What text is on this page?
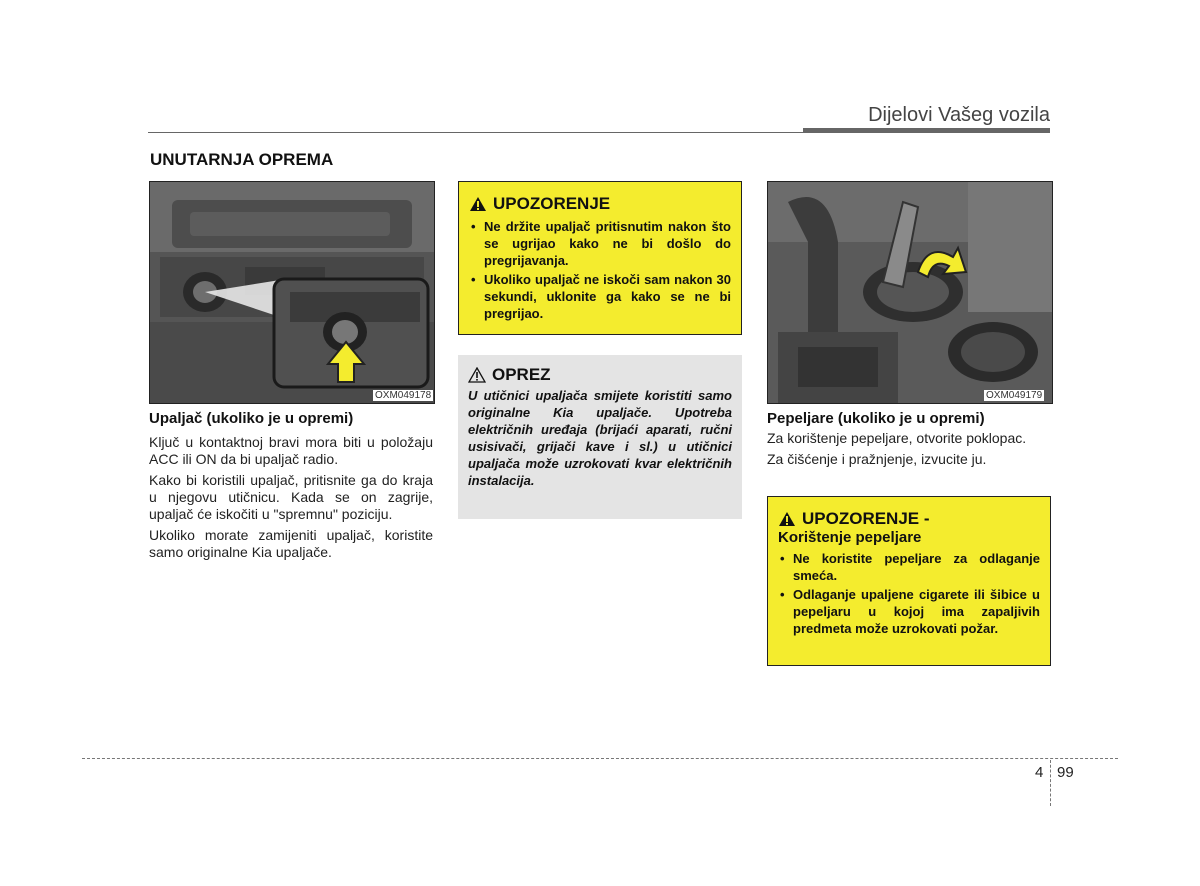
Dijelovi Vašeg vozila
UNUTARNJA OPREMA
OXM049178
Upaljač (ukoliko je u opremi)

Ključ u kontaktnoj bravi mora biti u položaju ACC ili ON da bi upaljač radio.

Kako bi koristili upaljač, pritisnite ga do kraja u njegovu utičnicu. Kada se on zagrije, upaljač će iskočiti u "spremnu" poziciju.

Ukoliko morate zamijeniti upaljač, koristite samo originalne Kia upaljače.

UPOZORENJE
• Ne držite upaljač pritisnutim nakon što se ugrijao kako ne bi došlo do pregrijavanja.
• Ukoliko upaljač ne iskoči sam nakon 30 sekundi, uklonite ga kako se ne bi pregrijao.
OPREZ
U utičnici upaljača smijete koristiti samo originalne Kia upaljače. Upotreba električnih uređaja (brijaći aparati, ručni usisivači, grijači kave i sl.) u utičnici upaljača može uzrokovati kvar električnih instalacija.
OXM049179
Pepeljare (ukoliko je u opremi)

Za korištenje pepeljare, otvorite poklopac.

Za čišćenje i pražnjenje, izvucite ju.

UPOZORENJE -
Korištenje pepeljare
• Ne koristite pepeljare za odlaganje smeća.
• Odlaganje upaljene cigarete ili šibice u pepeljaru u kojoj ima zapaljivih predmeta može uzrokovati požar.
4 99
